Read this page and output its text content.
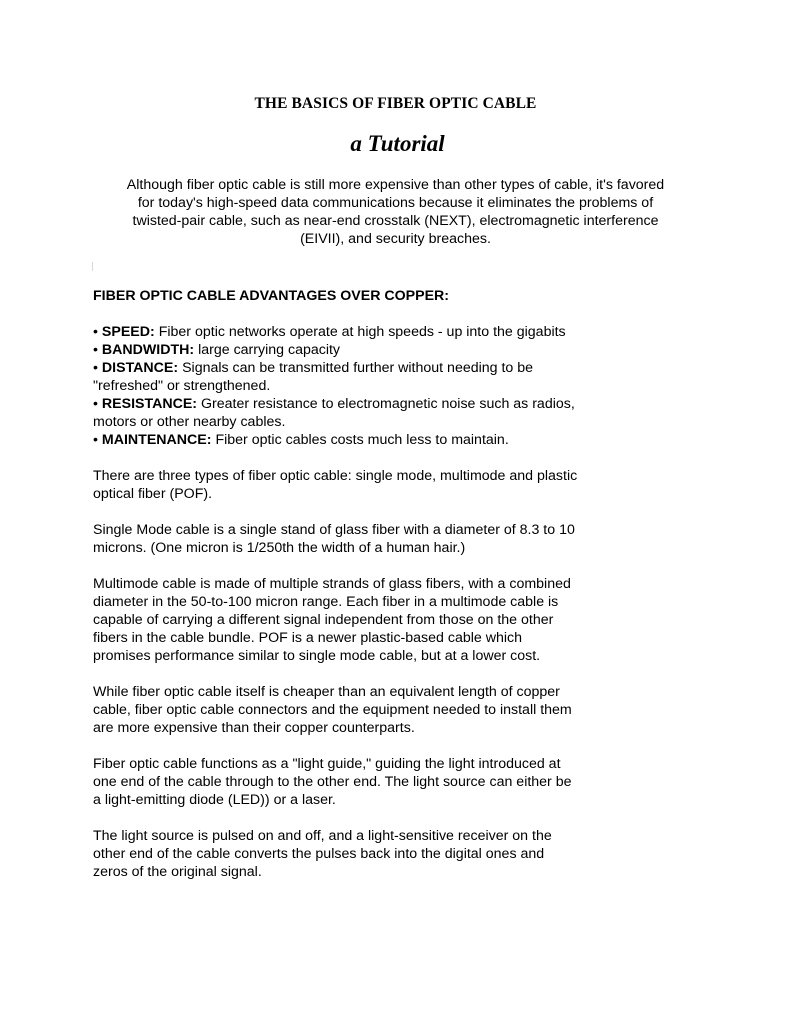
THE BASICS OF FIBER OPTIC CABLE
a Tutorial

Although fiber optic cable is still more expensive than other types of cable, it's favored

for today's high-speed data communications because it eliminates the problems of

twisted-pair cable, such as near-end crosstalk (NEXT), electromagnetic interference

(EIVII), and security breaches.

FIBER OPTIC CABLE ADVANTAGES OVER COPPER:

• SPEED: Fiber optic networks operate at high speeds - up into the gigabits

• BANDWIDTH: large carrying capacity

• DISTANCE: Signals can be transmitted further without needing to be
"refreshed" or strengthened.

• RESISTANCE: Greater resistance to electromagnetic noise such as radios,
motors or other nearby cables.

• MAINTENANCE: Fiber optic cables costs much less to maintain.

There are three types of fiber optic cable: single mode, multimode and plastic
optical fiber (POF).

Single Mode cable is a single stand of glass fiber with a diameter of 8.3 to 10
microns. (One micron is 1/250th the width of a human hair.)

Multimode cable is made of multiple strands of glass fibers, with a combined
diameter in the 50-to-100 micron range. Each fiber in a multimode cable is
capable of carrying a different signal independent from those on the other
fibers in the cable bundle. POF is a newer plastic-based cable which
promises performance similar to single mode cable, but at a lower cost.

While fiber optic cable itself is cheaper than an equivalent length of copper
cable, fiber optic cable connectors and the equipment needed to install them
are more expensive than their copper counterparts.

Fiber optic cable functions as a "light guide," guiding the light introduced at
one end of the cable through to the other end. The light source can either be
a light-emitting diode (LED)) or a laser.

The light source is pulsed on and off, and a light-sensitive receiver on the
other end of the cable converts the pulses back into the digital ones and
zeros of the original signal.
